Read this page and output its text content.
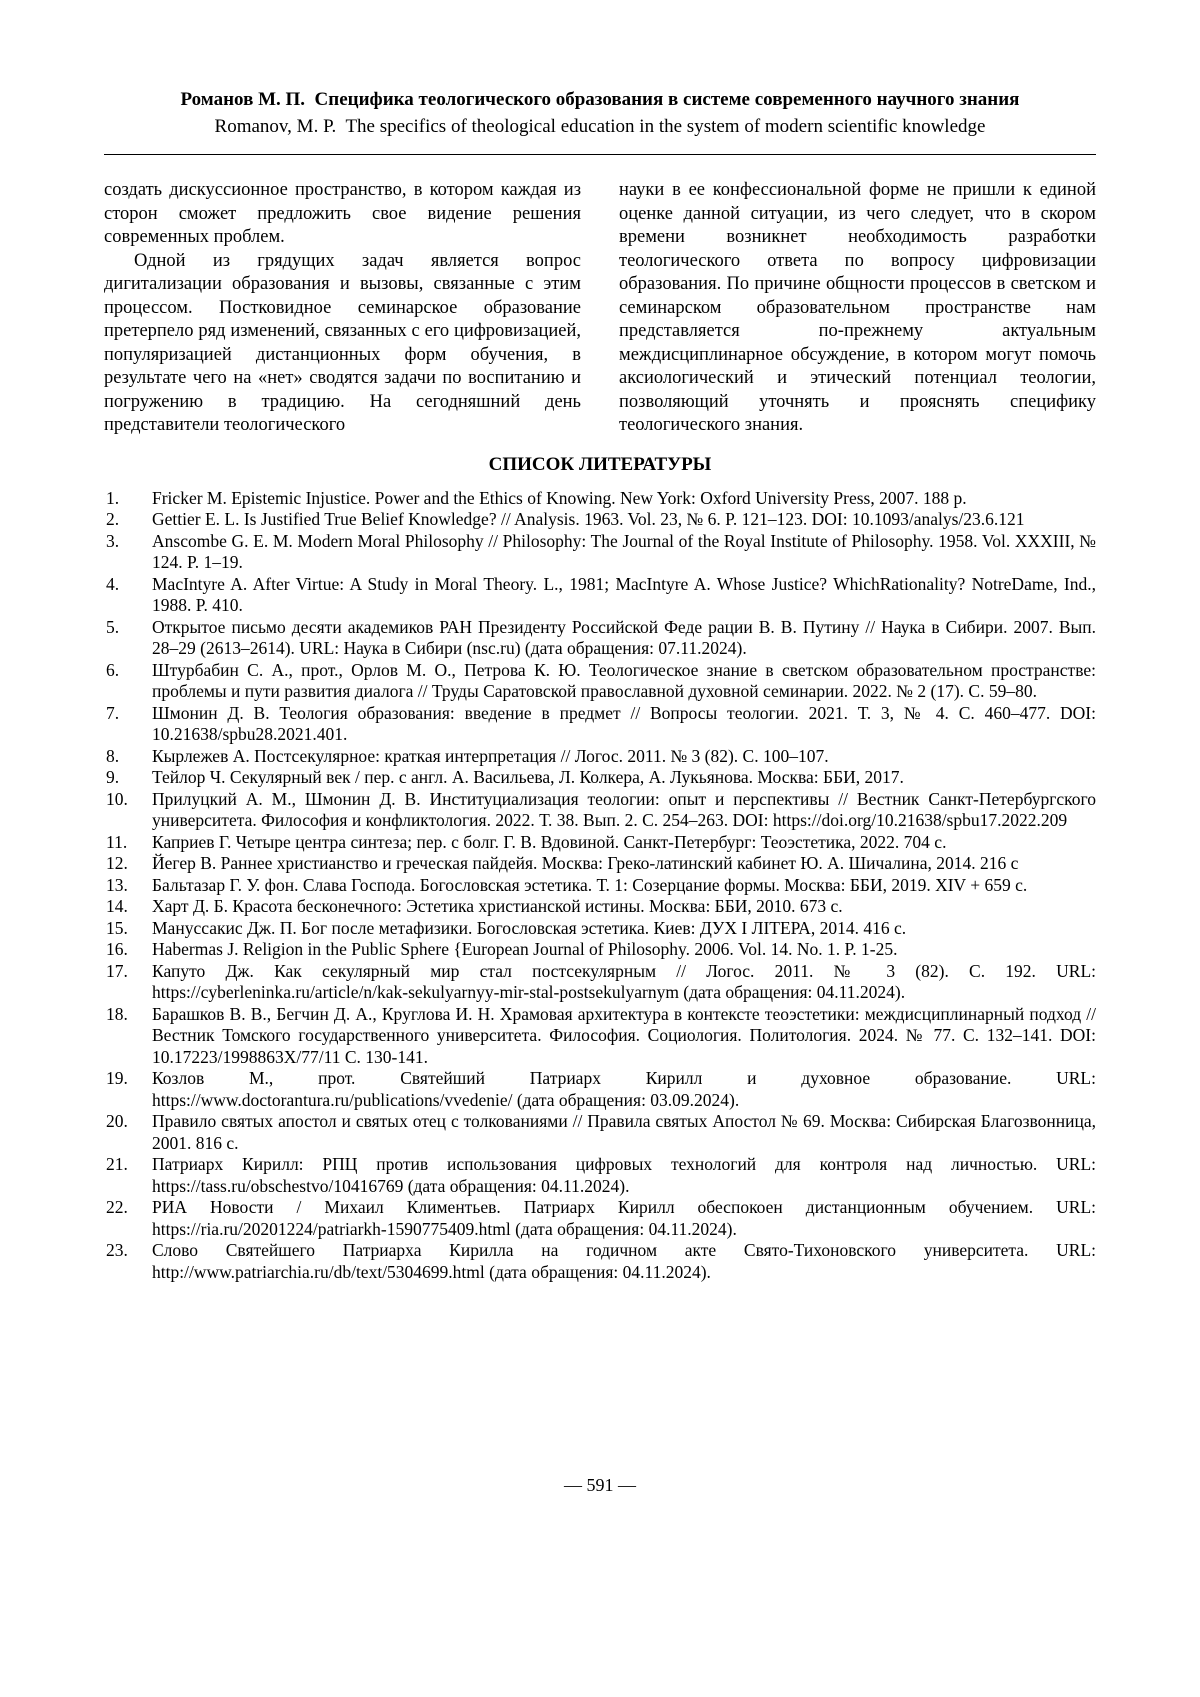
Романов М. П.  Специфика теологического образования в системе современного научного знания
Romanov, M. P.  The specifics of theological education in the system of modern scientific knowledge

создать дискуссионное пространство, в котором каждая из сторон сможет предложить свое видение решения современных проблем.

Одной из грядущих задач является вопрос дигитализации образования и вызовы, связанные с этим процессом. Постковидное семинарское образование претерпело ряд изменений, связанных с его цифровизацией, популяризацией дистанционных форм обучения, в результате чего на «нет» сводятся задачи по воспитанию и погружению в традицию. На сегодняшний день представители теологического

науки в ее конфессиональной форме не пришли к единой оценке данной ситуации, из чего следует, что в скором времени возникнет необходимость разработки теологического ответа по вопросу цифровизации образования. По причине общности процессов в светском и семинарском образовательном пространстве нам представляется по-прежнему актуальным междисциплинарное обсуждение, в котором могут помочь аксиологический и этический потенциал теологии, позволяющий уточнять и прояснять специфику теологического знания.

СПИСОК ЛИТЕРАТУРЫ
1.	Fricker M. Epistemic Injustice. Power and the Ethics of Knowing. New York: Oxford University Press, 2007. 188 p.
2.	Gettier E. L. Is Justified True Belief Knowledge? // Analysis. 1963. Vol. 23, № 6. P. 121–123. DOI: 10.1093/analys/23.6.121
3.	Anscombe G. E. M. Modern Moral Philosophy // Philosophy: The Journal of the Royal Institute of Philosophy. 1958. Vol. XXXIII, № 124. P. 1–19.
4.	MacIntyre A. After Virtue: A Study in Moral Theory. L., 1981; MacIntyre A. Whose Justice? WhichRationality? NotreDame, Ind., 1988. P. 410.
5.	Открытое письмо десяти академиков РАН Президенту Российской Феде рации В. В. Путину // Наука в Сибири. 2007. Вып. 28–29 (2613–2614). URL: Наука в Сибири (nsc.ru) (дата обращения: 07.11.2024).
6.	Штурбабин С. А., прот., Орлов М. О., Петрова К. Ю. Теологическое знание в светском образовательном пространстве: проблемы и пути развития диалога // Труды Саратовской православной духовной семинарии. 2022. № 2 (17). С. 59–80.
7.	Шмонин Д. В. Теология образования: введение в предмет // Вопросы теологии. 2021. Т. 3, № 4. С. 460–477. DOI: 10.21638/spbu28.2021.401.
8.	Кырлежев А. Постсекулярное: краткая интерпретация // Логос. 2011. № 3 (82). С. 100–107.
9.	Тейлор Ч. Секулярный век / пер. с англ. А. Васильева, Л. Колкера, А. Лукьянова. Москва: ББИ, 2017.
10.	Прилуцкий А. М., Шмонин Д. В. Институциализация теологии: опыт и перспективы // Вестник Санкт-Петербургского университета. Философия и конфликтология. 2022. Т. 38. Вып. 2. С. 254–263. DOI: https://doi.org/10.21638/spbu17.2022.209
11.	Каприев Г. Четыре центра синтеза; пер. с болг. Г. В. Вдовиной. Санкт-Петербург: Теоэстетика, 2022. 704 с.
12.	Йегер В. Раннее христианство и греческая пайдейя. Москва: Греко-латинский кабинет Ю. А. Шичалина, 2014. 216 с
13.	Бальтазар Г. У. фон. Слава Господа. Богословская эстетика. Т. 1: Созерцание формы. Москва: ББИ, 2019. XIV + 659 с.
14.	Харт Д. Б. Красота бесконечного: Эстетика христианской истины. Москва: ББИ, 2010. 673 с.
15.	Мануссакис Дж. П. Бог после метафизики. Богословская эстетика. Киев: ДУХ І ЛІТЕРА, 2014. 416 с.
16.	Habermas J. Religion in the Public Sphere {European Journal of Philosophy. 2006. Vol. 14. No. 1. P. 1-25.
17.	Капуто Дж. Как секулярный мир стал постсекулярным // Логос. 2011. № 3 (82). С. 192. URL: https://cyberleninka.ru/article/n/kak-sekulyarnyy-mir-stal-postsekulyarnym (дата обращения: 04.11.2024).
18.	Барашков В. В., Бегчин Д. А., Круглова И. Н. Храмовая архитектура в контексте теоэстетики: междисциплинарный подход // Вестник Томского государственного университета. Философия. Социология. Политология. 2024. № 77. С. 132–141. DOI: 10.17223/1998863X/77/11 С. 130-141.
19.	Козлов М., прот. Святейший Патриарх Кирилл и духовное образование. URL: https://www.doctorantura.ru/publications/vvedenie/ (дата обращения: 03.09.2024).
20.	Правило святых апостол и святых отец с толкованиями // Правила святых Апостол № 69. Москва: Сибирская Благозвонница, 2001. 816 с.
21.	Патриарх Кирилл: РПЦ против использования цифровых технологий для контроля над личностью. URL: https://tass.ru/obschestvo/10416769 (дата обращения: 04.11.2024).
22.	РИА Новости / Михаил Климентьев. Патриарх Кирилл обеспокоен дистанционным обучением. URL: https://ria.ru/20201224/patriarkh-1590775409.html (дата обращения: 04.11.2024).
23.	Слово Святейшего Патриарха Кирилла на годичном акте Свято-Тихоновского университета. URL: http://www.patriarchia.ru/db/text/5304699.html (дата обращения: 04.11.2024).
— 591 —
